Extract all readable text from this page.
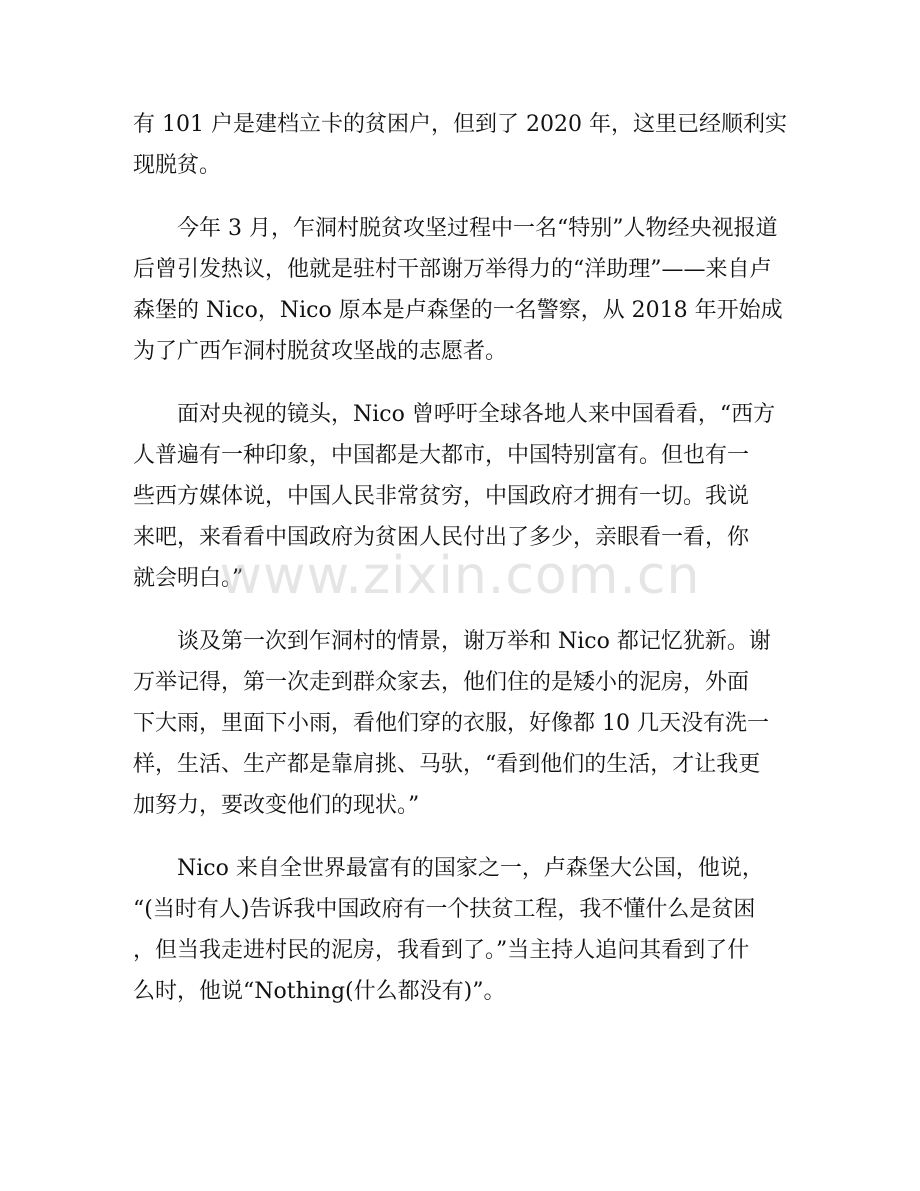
有 101 户是建档立卡的贫困户，但到了 2020 年，这里已经顺利实
现脱贫。
今年 3 月，乍洞村脱贫攻坚过程中一名“特别”人物经央视报道
后曾引发热议，他就是驻村干部谢万举得力的“洋助理”——来自卢
森堡的 Nico，Nico 原本是卢森堡的一名警察，从 2018 年开始成
为了广西乍洞村脱贫攻坚战的志愿者。
面对央视的镜头，Nico 曾呼吁全球各地人来中国看看，“西方
人普遍有一种印象，中国都是大都市，中国特别富有。但也有一
些西方媒体说，中国人民非常贫穷，中国政府才拥有一切。我说
来吧，来看看中国政府为贫困人民付出了多少，亲眼看一看，你
就会明白。”
谈及第一次到乍洞村的情景，谢万举和 Nico 都记忆犹新。谢
万举记得，第一次走到群众家去，他们住的是矮小的泥房，外面
下大雨，里面下小雨，看他们穿的衣服，好像都 10 几天没有洗一
样，生活、生产都是靠肩挑、马驮，“看到他们的生活，才让我更
加努力，要改变他们的现状。”
Nico 来自全世界最富有的国家之一，卢森堡大公国，他说，
“(当时有人)告诉我中国政府有一个扶贫工程，我不懂什么是贫困
，但当我走进村民的泥房，我看到了。”当主持人追问其看到了什
么时，他说“Nothing(什么都没有)”。
www.zixin.com.cn
